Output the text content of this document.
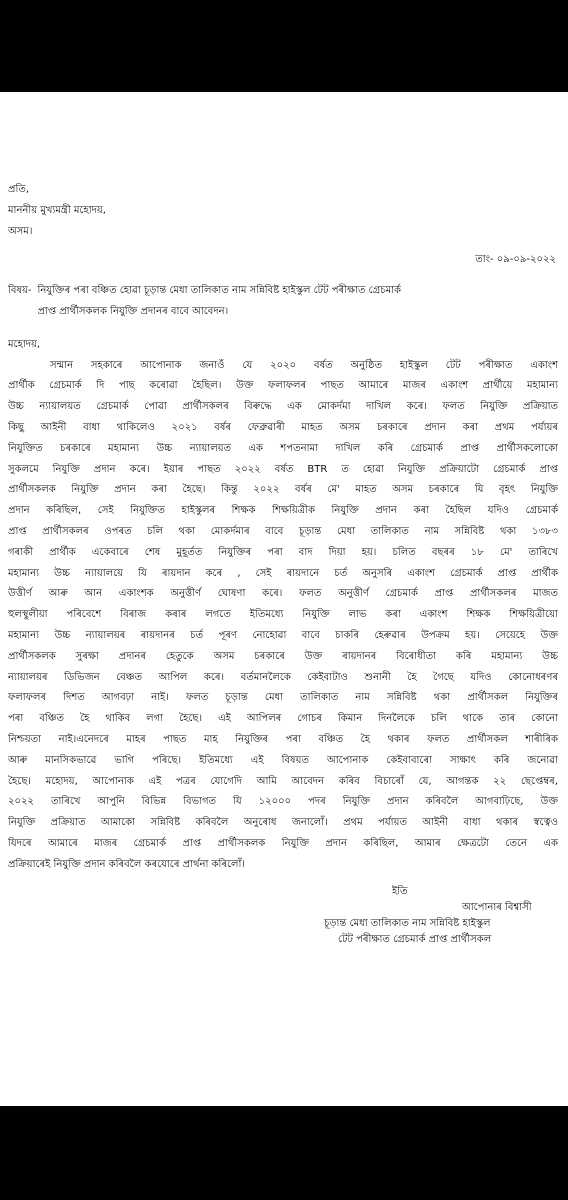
প্ৰতি,

মাননীয় মুখ্যমন্ত্ৰী মহোদয়,

অসম।

তাং- ০৯-০৯-২০২২
বিষয়- নিযুক্তিৰ পৰা বঞ্চিত হোৱা চূড়ান্ত মেধা তালিকাত নাম সন্নিবিষ্ট হাইস্কুল টেট পৰীক্ষাত গ্ৰেচমাৰ্ক

প্ৰাপ্ত প্ৰাৰ্থীসকলক নিযুক্তি প্ৰদানৰ বাবে আবেদন।

মহোদয়,

সন্মান সহকাৰে আপোনাক জনাওঁ যে ২০২০ বৰ্ষত অনুষ্ঠিত হাইস্কুল টেট পৰীক্ষাত একাংশ

প্ৰাৰ্থীক গ্ৰেচমাৰ্ক দি পাছ কৰোৱা হৈছিল। উক্ত ফলাফলৰ পাছত আমাৰে মাজৰ একাংশ প্ৰাৰ্থীয়ে মহামান্য

উচ্চ ন্যায়ালয়ত গ্ৰেচমাৰ্ক পোৱা প্ৰাৰ্থীসকলৰ বিৰুদ্ধে এক মোকৰ্দমা দাখিল কৰে। ফলত নিযুক্তি প্ৰক্ৰিয়াত

কিছু আইনী বাধা থাকিলেও ২০২১ বৰ্ষৰ ফেব্ৰুৱাৰী মাহত অসম চৰকাৰে প্ৰদান কৰা প্ৰথম পৰ্যায়ৰ

নিযুক্তিত চৰকাৰে মহামান্য উচ্চ ন্যায়ালয়ত এক শপতনামা দাখিল কৰি গ্ৰেচমাৰ্ক প্ৰাপ্ত প্ৰাৰ্থীসকলোকো

সুকলমে নিযুক্তি প্ৰদান কৰে। ইয়াৰ পাছত ২০২২ বৰ্ষত BTR ত হোৱা নিযুক্তি প্ৰক্ৰিয়াটো গ্ৰেচমাৰ্ক প্ৰাপ্ত

প্ৰাৰ্থীসকলক নিযুক্তি প্ৰদান কৰা হৈছে। কিন্তু ২০২২ বৰ্ষৰ মে' মাহত অসম চৰকাৰে যি বৃহৎ নিযুক্তি

প্ৰদান কৰিছিল, সেই নিযুক্তিত হাইস্কুলৰ শিক্ষক শিক্ষয়িত্ৰীক নিযুক্তি প্ৰদান কৰা হৈছিল যদিও গ্ৰেচমাৰ্ক

প্ৰাপ্ত প্ৰাৰ্থীসকলৰ ওপৰত চলি থকা মোকৰ্দমাৰ বাবে চূড়ান্ত মেধা তালিকাত নাম সন্নিবিষ্ট থকা ১৩৮৩

গৰাকী প্ৰাৰ্থীক একেবাৰে শেষ মুহূৰ্তত নিযুক্তিৰ পৰা বাদ দিয়া হয়। চলিত বছৰৰ ১৮ মে' তাৰিখে

মহামান্য উচ্চ ন্যায়ালয়ে যি ৰায়দান কৰে , সেই ৰায়দানে চৰ্ত অনুসৰি একাংশ গ্ৰেচমাৰ্ক প্ৰাপ্ত প্ৰাৰ্থীক

উত্তীৰ্ণ আৰু আন একাংশক অনুত্তীৰ্ণ ঘোষণা কৰে। ফলত অনুত্তীৰ্ণ গ্ৰেচমাৰ্ক প্ৰাপ্ত প্ৰাৰ্থীসকলৰ মাজত

হুলস্থুলীয়া পৰিবেশে বিৰাজ কৰাৰ লগতে ইতিমধ্যে নিযুক্তি লাভ কৰা একাংশ শিক্ষক শিক্ষয়িত্ৰীয়ো

মহামান্য উচ্চ ন্যায়ালয়ৰ ৰায়দানৰ চৰ্ত পূৰণ নোহোৱা বাবে চাকৰি হেৰুৱাৰ উপক্ৰম হয়। সেয়েহে উক্ত

প্ৰাৰ্থীসকলক সুৰক্ষা প্ৰদানৰ হেতুকে অসম চৰকাৰে উক্ত ৰায়দানৰ বিৰোধীতা কৰি মহামান্য উচ্চ

ন্যায়ালয়ৰ ডিভিজন বেঞ্চত আপিল কৰে। বৰ্তমানলৈকে কেইবাটাও শুনানী হৈ গৈছে যদিও কোনোধৰণৰ

ফলাফলৰ দিশত আগবঢ়া নাই। ফলত চূড়ান্ত মেধা তালিকাত নাম সন্নিবিষ্ট থকা প্ৰাৰ্থীসকল নিযুক্তিৰ

পৰা বঞ্চিত হৈ থাকিব লগা হৈছে। এই আপিলৰ গোচৰ কিমান দিনলৈকে চলি থাকে তাৰ কোনো

নিশ্চয়তা নাই।এনেদৰে মাহৰ পাছত মাহ নিযুক্তিৰ পৰা বঞ্চিত হৈ থকাৰ ফলত প্ৰাৰ্থীসকল শাৰীৰিক

আৰু মানসিকভাৱে ভাগি পৰিছে। ইতিমধ্যে এই বিষয়ত আপোনাক কেইবাবাৰো সাক্ষাৎ কৰি জনোৱা

হৈছে। মহোদয়, আপোনাক এই পত্ৰৰ যোগেদি আমি আবেদন কৰিব বিচাৰোঁ যে, আগন্তক ২২ ছেপ্তেম্বৰ,

২০২২ তাৰিখে আপুনি বিভিন্ন বিভাগত যি ১২০০০ পদৰ নিযুক্তি প্ৰদান কৰিবলৈ আগবাঢ়িছে, উক্ত

নিযুক্তি প্ৰক্ৰিয়াত আমাকো সন্নিবিষ্ট কৰিবলৈ অনুৰোধ জনালোঁ। প্ৰথম পৰ্যায়ত আইনী বাধা থকাৰ স্বত্বেও

যিদৰে আমাৰে মাজৰ গ্ৰেচমাৰ্ক প্ৰাপ্ত প্ৰাৰ্থীসকলক নিযুক্তি প্ৰদান কৰিছিল, আমাৰ ক্ষেত্ৰটো তেনে এক

প্ৰক্ৰিয়াৰেই নিযুক্তি প্ৰদান কৰিবলৈ কৰযোৰে প্ৰাৰ্থনা কৰিলোঁ।

ইতি

আপোনাৰ বিশ্বাসী

চূড়ান্ত মেধা তালিকাত নাম সন্নিবিষ্ট হাইস্কুল

টেট পৰীক্ষাত গ্ৰেচমাৰ্ক প্ৰাপ্ত প্ৰাৰ্থীসকল
